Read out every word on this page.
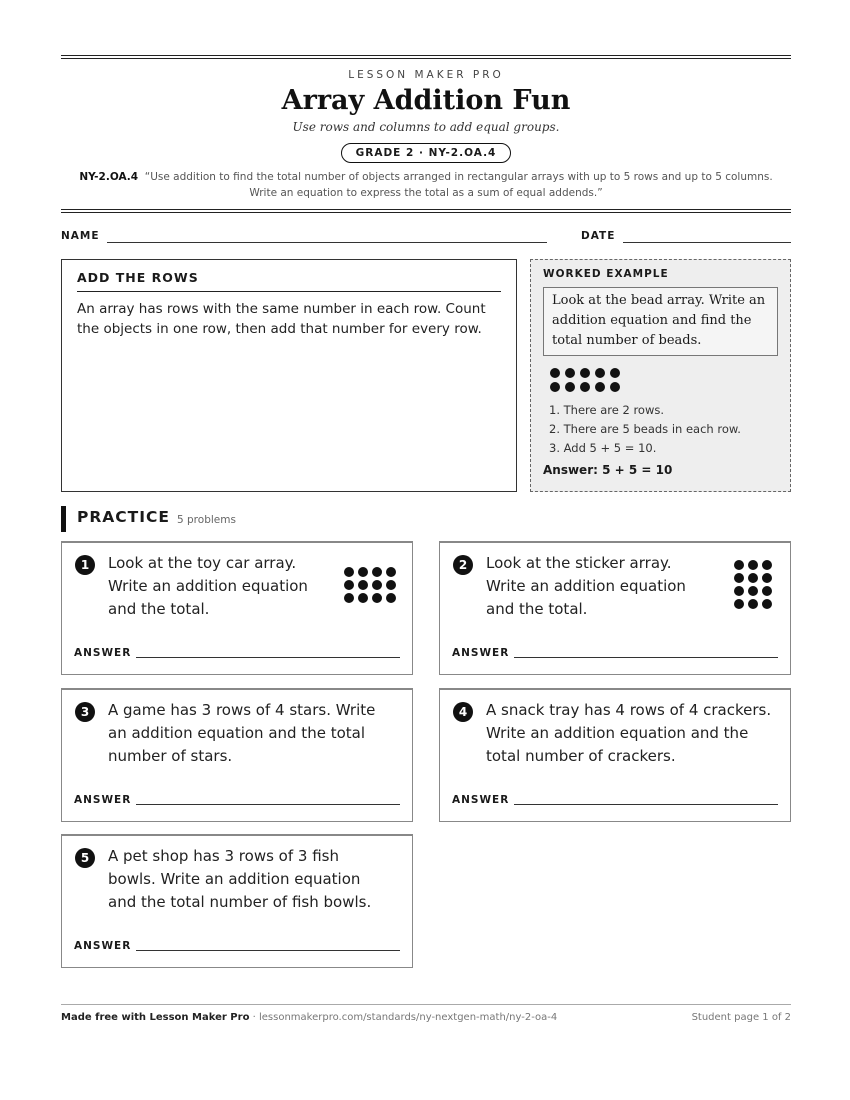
LESSON MAKER PRO
Array Addition Fun
Use rows and columns to add equal groups.
GRADE 2 · NY-2.OA.4
NY-2.OA.4 “Use addition to find the total number of objects arranged in rectangular arrays with up to 5 rows and up to 5 columns. Write an equation to express the total as a sum of equal addends.”
NAME	DATE
ADD THE ROWS
An array has rows with the same number in each row. Count the objects in one row, then add that number for every row.
WORKED EXAMPLE
Look at the bead array. Write an addition equation and find the total number of beads.
1. There are 2 rows.
2. There are 5 beads in each row.
3. Add 5 + 5 = 10.
Answer: 5 + 5 = 10
PRACTICE 5 problems
1	Look at the toy car array.
Write an addition equation
and the total.
ANSWER
2	Look at the sticker array.
Write an addition equation
and the total.
ANSWER
3	A game has 3 rows of 4 stars. Write
an addition equation and the total
number of stars.
ANSWER
4	A snack tray has 4 rows of 4 crackers.
Write an addition equation and the
total number of crackers.
ANSWER
5	A pet shop has 3 rows of 3 fish
bowls. Write an addition equation
and the total number of fish bowls.
ANSWER
Made free with Lesson Maker Pro · lessonmakerpro.com/standards/ny-nextgen-math/ny-2-oa-4	Student page 1 of 2
